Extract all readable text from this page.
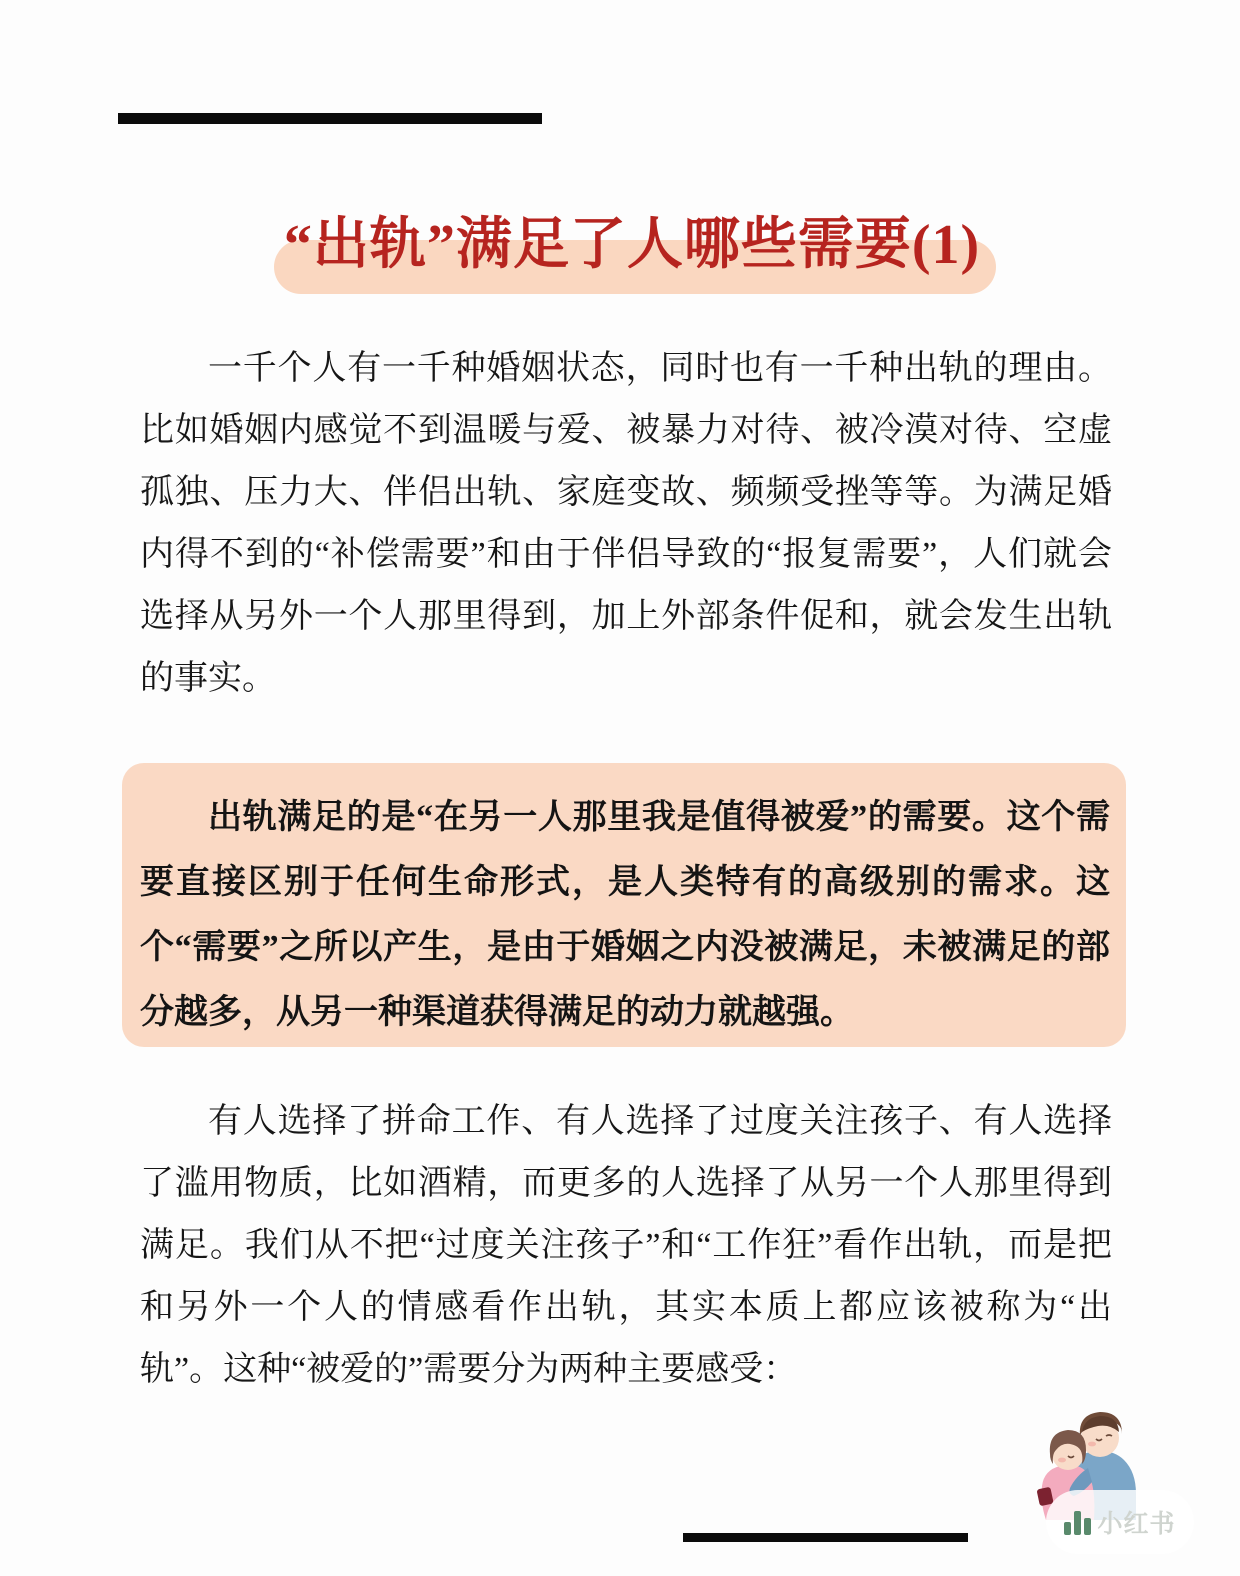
“出轨”满足了人哪些需要(1)

一千个人有一千种婚姻状态，同时也有一千种出轨的理由。比如婚姻内感觉不到温暖与爱、被暴力对待、被冷漠对待、空虚孤独、压力大、伴侣出轨、家庭变故、频频受挫等等。为满足婚内得不到的“补偿需要”和由于伴侣导致的“报复需要”，人们就会选择从另外一个人那里得到，加上外部条件促和，就会发生出轨的事实。

出轨满足的是“在另一人那里我是值得被爱”的需要。这个需要直接区别于任何生命形式，是人类特有的高级别的需求。这个“需要”之所以产生，是由于婚姻之内没被满足，未被满足的部分越多，从另一种渠道获得满足的动力就越强。

有人选择了拼命工作、有人选择了过度关注孩子、有人选择了滥用物质，比如酒精，而更多的人选择了从另一个人那里得到满足。我们从不把“过度关注孩子”和“工作狂”看作出轨，而是把和另外一个人的情感看作出轨，其实本质上都应该被称为“出轨”。这种“被爱的”需要分为两种主要感受：

小红书
